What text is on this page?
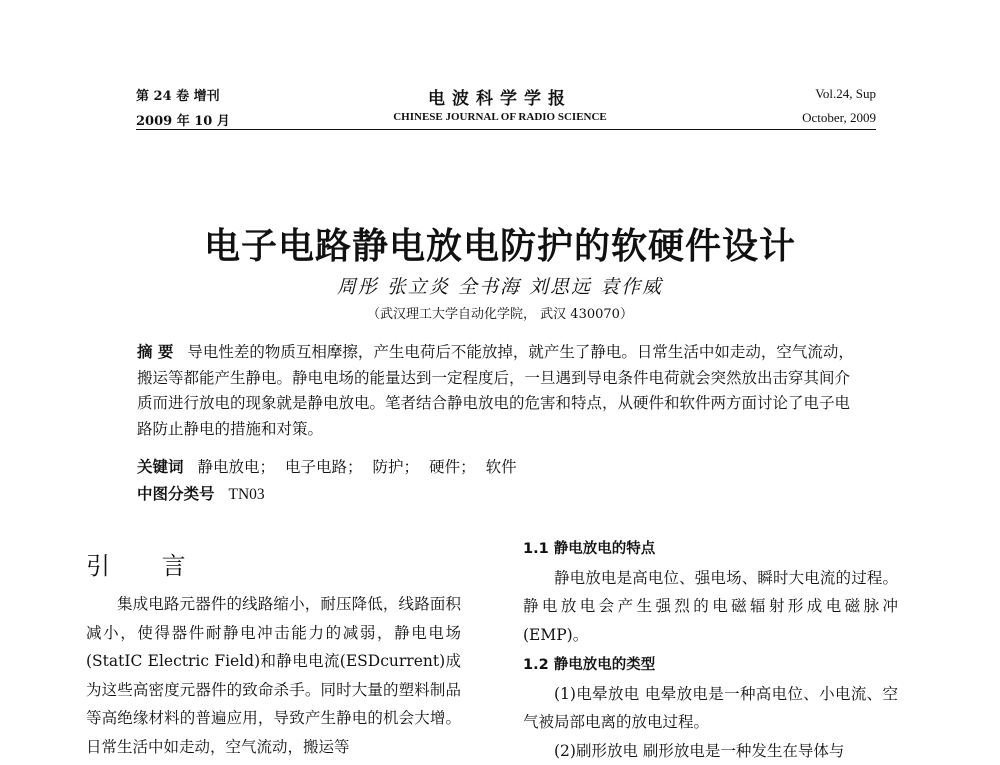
第 24 卷 增刊
2009 年 10 月
电波科学学报
CHINESE JOURNAL OF RADIO SCIENCE
Vol.24, Sup
October, 2009
电子电路静电放电防护的软硬件设计
周彤 张立炎 全书海 刘思远 袁作威
（武汉理工大学自动化学院， 武汉 430070）
摘 要 导电性差的物质互相摩擦，产生电荷后不能放掉，就产生了静电。日常生活中如走动，空气流动，搬运等都能产生静电。静电电场的能量达到一定程度后，一旦遇到导电条件电荷就会突然放出击穿其间介质而进行放电的现象就是静电放电。笔者结合静电放电的危害和特点，从硬件和软件两方面讨论了电子电路防止静电的措施和对策。
关键词 静电放电； 电子电路； 防护； 硬件； 软件
中图分类号 TN03
引 言

集成电路元器件的线路缩小，耐压降低，线路面积减小，使得器件耐静电冲击能力的减弱，静电电场(StatIC Electric Field)和静电电流(ESDcurrent)成为这些高密度元器件的致命杀手。同时大量的塑料制品等高绝缘材料的普遍应用，导致产生静电的机会大增。日常生活中如走动，空气流动，搬运等

1.1 静电放电的特点

静电放电是高电位、强电场、瞬时大电流的过程。静电放电会产生强烈的电磁辐射形成电磁脉冲(EMP)。

1.2 静电放电的类型

(1)电晕放电 电晕放电是一种高电位、小电流、空气被局部电离的放电过程。

(2)刷形放电 刷形放电是一种发生在导体与
